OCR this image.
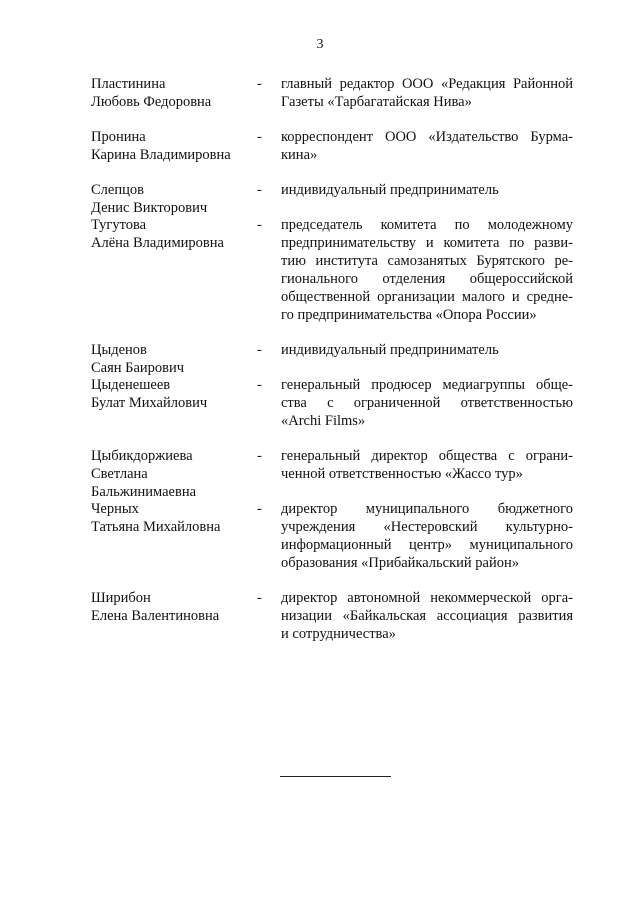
3
Пластинина
Любовь Федоровна
-	главный редактор ООО «Редакция Районной
Газеты «Тарбагатайская Нива»
Пронина
Карина Владимировна
-	корреспондент ООО «Издательство Бурма-
кина»
Слепцов
Денис Викторович
-	индивидуальный предприниматель
Тугутова
Алёна Владимировна
-	председатель комитета по молодежному
предпринимательству и комитета по разви-
тию института самозанятых Бурятского ре-
гионального отделения общероссийской
общественной организации малого и средне-
го предпринимательства «Опора России»
Цыденов
Саян Баирович
-	индивидуальный предприниматель
Цыденешеев
Булат Михайлович
-	генеральный продюсер медиагруппы обще-
ства с ограниченной ответственностью
«Archi Films»
Цыбикдоржиева
Светлана
Бальжинимаевна
-	генеральный директор общества с ограни-
ченной ответственностью «Жассо тур»
Черных
Татьяна Михайловна
-	директор муниципального бюджетного
учреждения «Нестеровский культурно-
информационный центр» муниципального
образования «Прибайкальский район»
Ширибон
Елена Валентиновна
-	директор автономной некоммерческой орга-
низации «Байкальская ассоциация развития
и сотрудничества»
